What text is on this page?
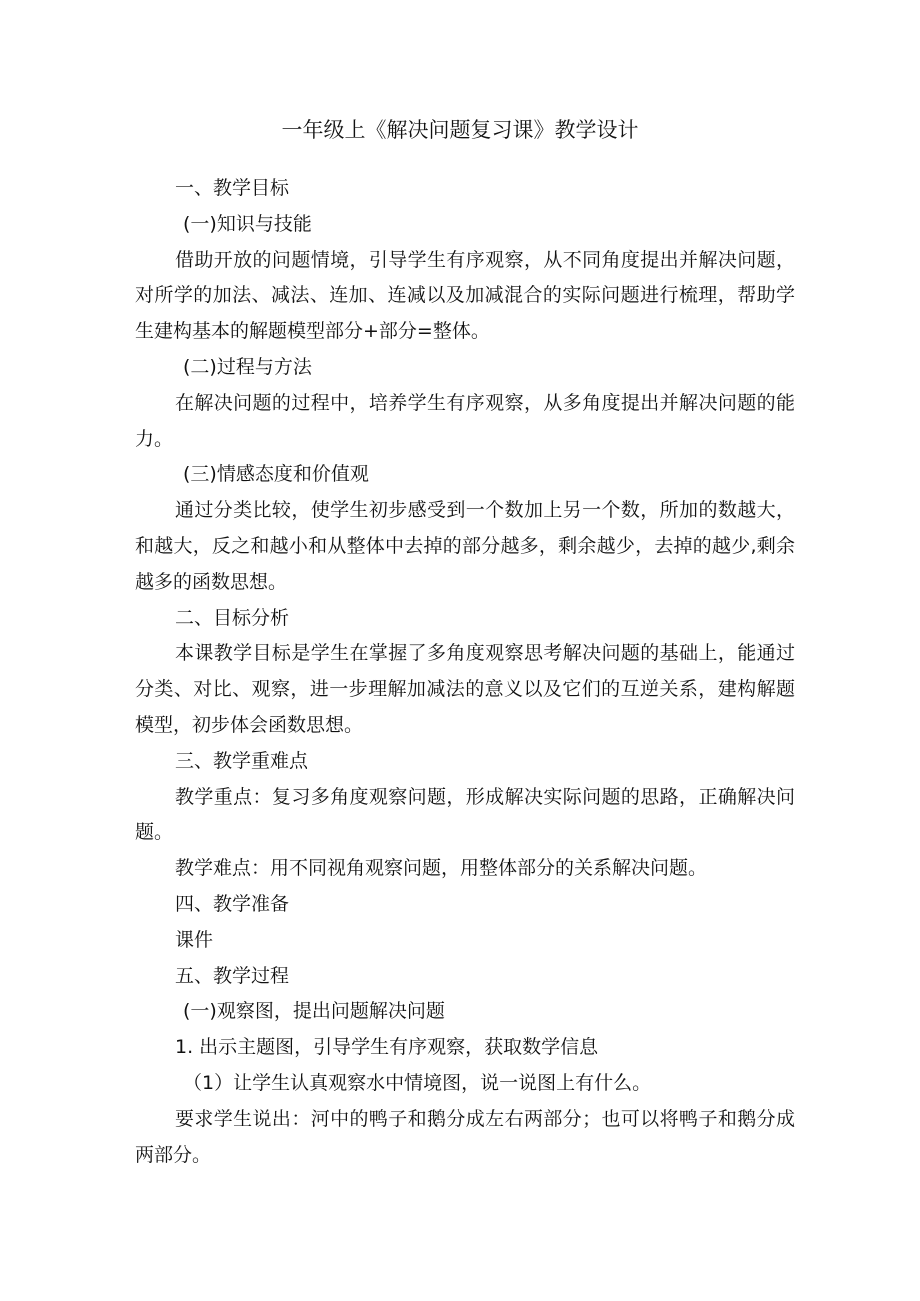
一年级上《解决问题复习课》教学设计

一、教学目标

(一)知识与技能

借助开放的问题情境，引导学生有序观察，从不同角度提出并解决问题，对所学的加法、减法、连加、连减以及加减混合的实际问题进行梳理，帮助学生建构基本的解题模型部分+部分=整体。

(二)过程与方法

在解决问题的过程中，培养学生有序观察，从多角度提出并解决问题的能力。

(三)情感态度和价值观

通过分类比较，使学生初步感受到一个数加上另一个数，所加的数越大，和越大，反之和越小和从整体中去掉的部分越多，剩余越少，去掉的越少,剩余越多的函数思想。

二、目标分析

本课教学目标是学生在掌握了多角度观察思考解决问题的基础上，能通过分类、对比、观察，进一步理解加减法的意义以及它们的互逆关系，建构解题模型，初步体会函数思想。

三、教学重难点

教学重点：复习多角度观察问题，形成解决实际问题的思路，正确解决问题。

教学难点：用不同视角观察问题，用整体部分的关系解决问题。

四、教学准备

课件

五、教学过程

(一)观察图，提出问题解决问题

1. 出示主题图，引导学生有序观察，获取数学信息

（1）让学生认真观察水中情境图，说一说图上有什么。

要求学生说出：河中的鸭子和鹅分成左右两部分；也可以将鸭子和鹅分成两部分。
